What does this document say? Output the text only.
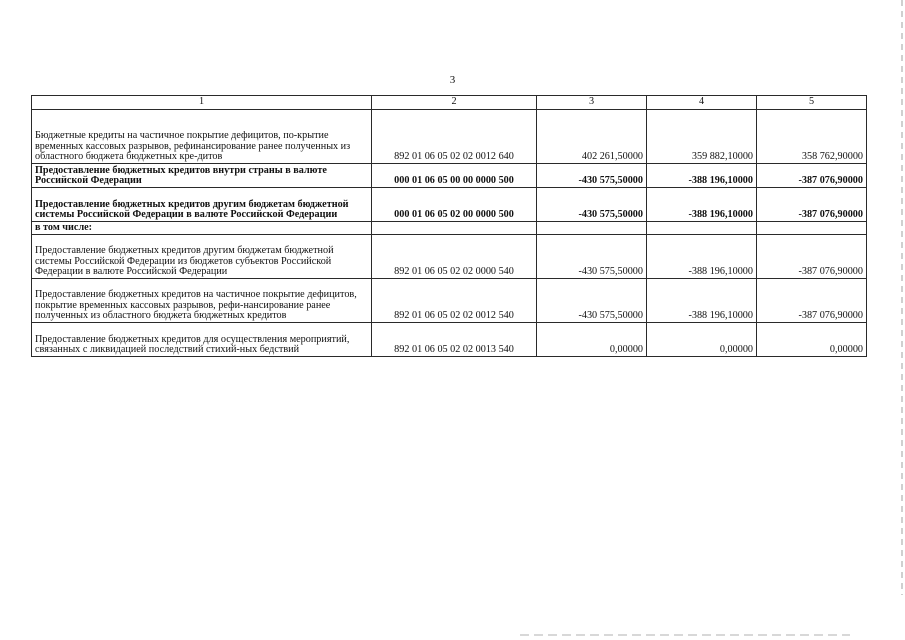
3
1	2	3	4	5
Бюджетные кредиты на частичное покрытие дефицитов, по-крытие временных кассовых разрывов, рефинансирование ранее полученных из областного бюджета бюджетных кре-дитов	892 01 06 05 02 02 0012 640	402 261,50000	359 882,10000	358 762,90000
Предоставление бюджетных кредитов внутри страны в валюте Российской Федерации	000 01 06 05 00 00 0000 500	-430 575,50000	-388 196,10000	-387 076,90000
Предоставление бюджетных кредитов другим бюджетам бюджетной системы Российской Федерации в валюте Российской Федерации	000 01 06 05 02 00 0000 500	-430 575,50000	-388 196,10000	-387 076,90000
в том числе:				
Предоставление бюджетных кредитов другим бюджетам бюджетной системы Российской Федерации из бюджетов субъектов Российской Федерации в валюте Российской Федерации	892 01 06 05 02 02 0000 540	-430 575,50000	-388 196,10000	-387 076,90000
Предоставление бюджетных кредитов на частичное покрытие дефицитов, покрытие временных кассовых разрывов, рефи-нансирование ранее полученных из областного бюджета бюджетных кредитов	892 01 06 05 02 02 0012 540	-430 575,50000	-388 196,10000	-387 076,90000
Предоставление бюджетных кредитов для осуществления мероприятий, связанных с ликвидацией последствий стихий-ных бедствий	892 01 06 05 02 02 0013 540	0,00000	0,00000	0,00000
